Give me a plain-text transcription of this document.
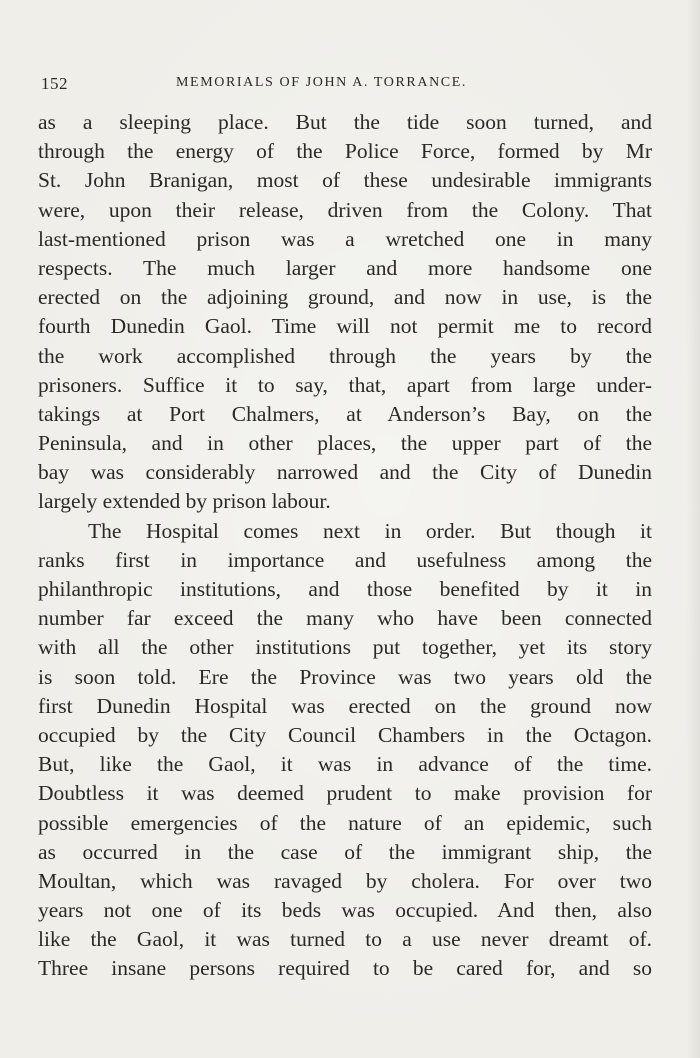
152	MEMORIALS OF JOHN A. TORRANCE.
as a sleeping place. But the tide soon turned, and
through the energy of the Police Force, formed by Mr
St. John Branigan, most of these undesirable immigrants
were, upon their release, driven from the Colony. That
last-mentioned prison was a wretched one in many
respects. The much larger and more handsome one
erected on the adjoining ground, and now in use, is the
fourth Dunedin Gaol. Time will not permit me to record
the work accomplished through the years by the
prisoners. Suffice it to say, that, apart from large under-
takings at Port Chalmers, at Anderson’s Bay, on the
Peninsula, and in other places, the upper part of the
bay was considerably narrowed and the City of Dunedin
largely extended by prison labour.
The Hospital comes next in order. But though it
ranks first in importance and usefulness among the
philanthropic institutions, and those benefited by it in
number far exceed the many who have been connected
with all the other institutions put together, yet its story
is soon told. Ere the Province was two years old the
first Dunedin Hospital was erected on the ground now
occupied by the City Council Chambers in the Octagon.
But, like the Gaol, it was in advance of the time.
Doubtless it was deemed prudent to make provision for
possible emergencies of the nature of an epidemic, such
as occurred in the case of the immigrant ship, the
Moultan, which was ravaged by cholera. For over two
years not one of its beds was occupied. And then, also
like the Gaol, it was turned to a use never dreamt of.
Three insane persons required to be cared for, and so
